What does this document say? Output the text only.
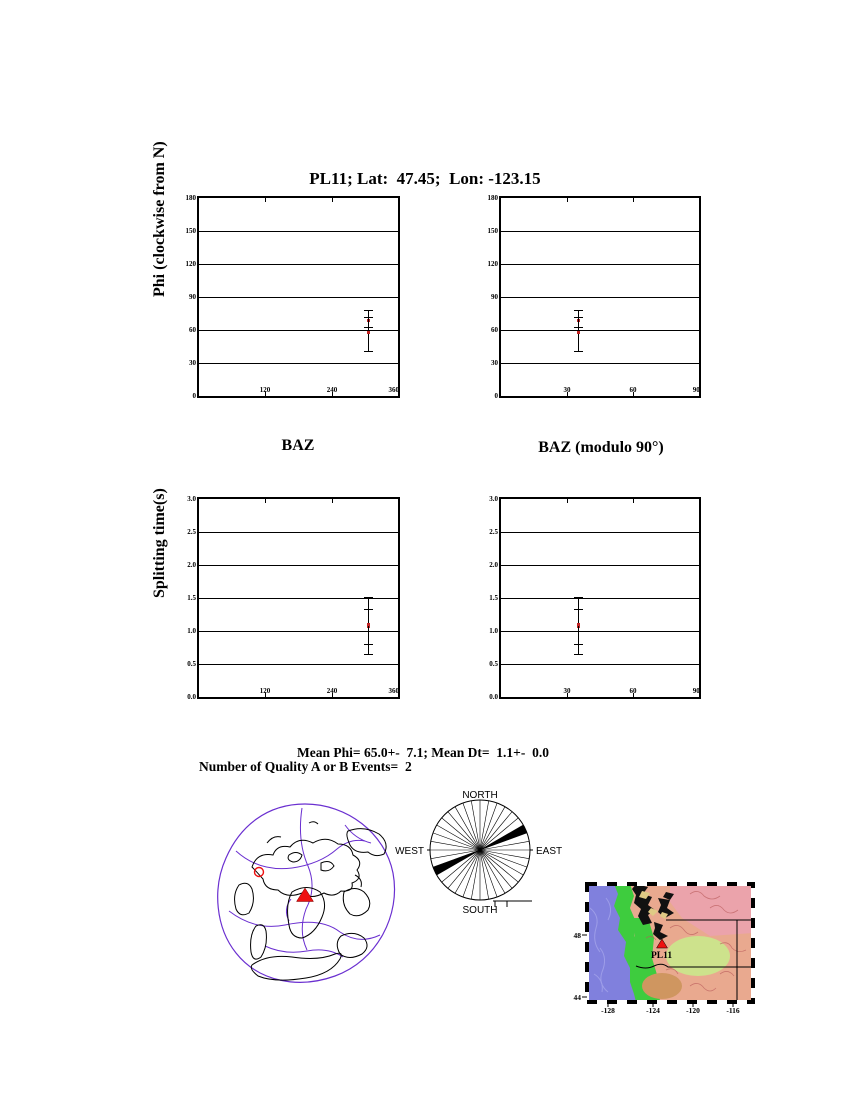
PL11; Lat:  47.45;  Lon: -123.15
Phi (clockwise from N)
Splitting time(s)
BAZ	BAZ (modulo 90°)
0
30
60
90
120
150
180
120	240	360
0
30
60
90
120
150
180
30	60	90
0.0
0.5
1.0
1.5
2.0
2.5
3.0
120	240	360
0.0
0.5
1.0
1.5
2.0
2.5
3.0
30	60	90
Mean Phi= 65.0+-  7.1; Mean Dt=  1.1+-  0.0
Number of Quality A or B Events=  2
NORTH
SOUTH
WEST	EAST
PL11
48
44
-128	-124	-120	-116
